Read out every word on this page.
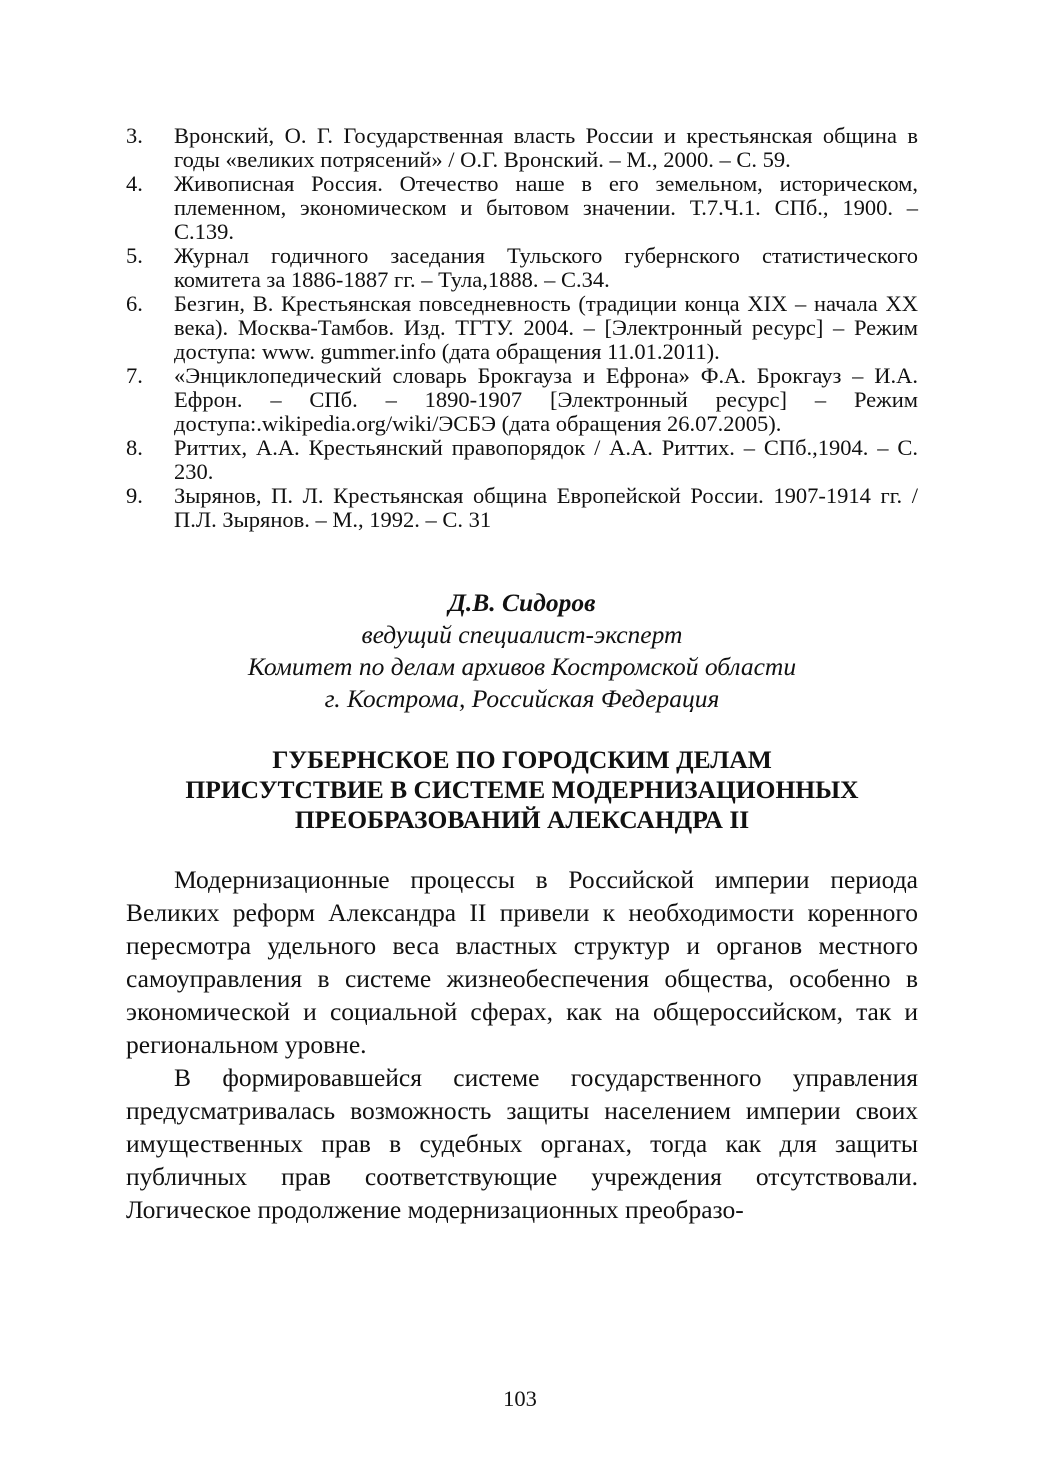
3. Вронский, О. Г. Государственная власть России и крестьянская община в годы «великих потрясений» / О.Г. Вронский. – М., 2000. – С. 59.
4. Живописная Россия. Отечество наше в его земельном, историческом, племенном, экономическом и бытовом значении. Т.7.Ч.1. СПб., 1900. – С.139.
5. Журнал годичного заседания Тульского губернского статистического комитета за 1886-1887 гг. – Тула,1888. – С.34.
6. Безгин, В. Крестьянская повседневность (традиции конца XIX – начала XX века). Москва-Тамбов. Изд. ТГТУ. 2004. – [Электронный ресурс] – Режим доступа: www. gummer.info (дата обращения 11.01.2011).
7. «Энциклопедический словарь Брокгауза и Ефрона» Ф.А. Брокгауз – И.А. Ефрон. – СПб. – 1890-1907 [Электронный ресурс] – Режим доступа:.wikipedia.org/wiki/ЭСБЭ (дата обращения 26.07.2005).
8. Риттих, А.А. Крестьянский правопорядок / А.А. Риттих. – СПб.,1904. – С. 230.
9. Зырянов, П. Л. Крестьянская община Европейской России. 1907-1914 гг. / П.Л. Зырянов. – М., 1992. – С. 31
Д.В. Сидоров
ведущий специалист-эксперт
Комитет по делам архивов Костромской области
г. Кострома, Российская Федерация
ГУБЕРНСКОЕ ПО ГОРОДСКИМ ДЕЛАМ
ПРИСУТСТВИЕ В СИСТЕМЕ МОДЕРНИЗАЦИОННЫХ
ПРЕОБРАЗОВАНИЙ АЛЕКСАНДРА II

Модернизационные процессы в Российской империи периода Великих реформ Александра II привели к необходимости коренного пересмотра удельного веса властных структур и органов местного самоуправления в системе жизнеобеспечения общества, особенно в экономической и социальной сферах, как на общероссийском, так и региональном уровне.

В формировавшейся системе государственного управления предусматривалась возможность защиты населением империи своих имущественных прав в судебных органах, тогда как для защиты публичных прав соответствующие учреждения отсутствовали. Логическое продолжение модернизационных преобразо-

103
